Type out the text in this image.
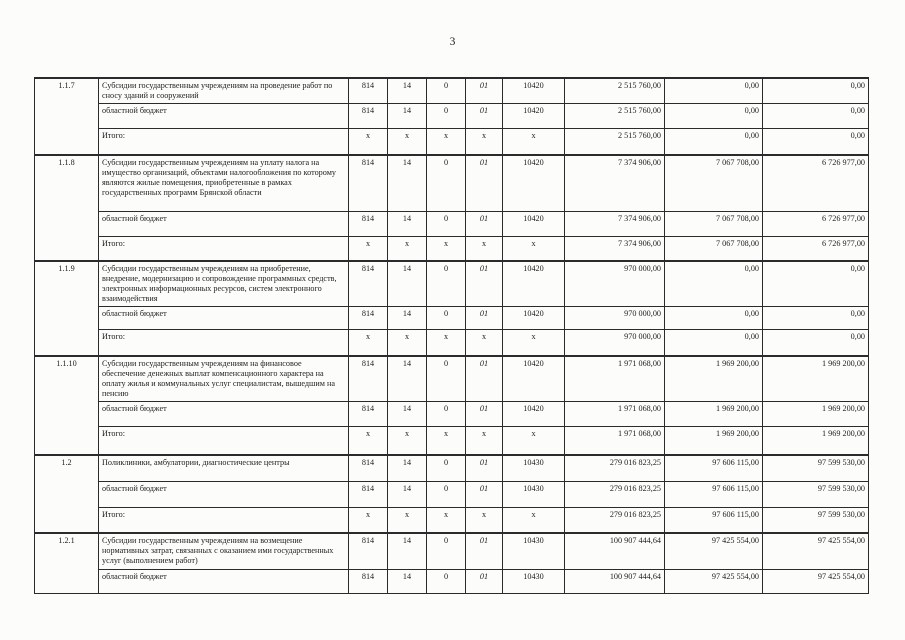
3
1.1.7	Субсидии государственным учреждениям на проведение работ по сносу зданий и сооружений	814	14	0	01	10420	2 515 760,00	0,00	0,00
	областной бюджет	814	14	0	01	10420	2 515 760,00	0,00	0,00
	Итого:	х	х	х	х	х	2 515 760,00	0,00	0,00
1.1.8	Субсидии государственным учреждениям на уплату налога на имущество организаций, объектами налогообложения по которому являются жилые помещения, приобретенные в рамках государственных программ Брянской области	814	14	0	01	10420	7 374 906,00	7 067 708,00	6 726 977,00
	областной бюджет	814	14	0	01	10420	7 374 906,00	7 067 708,00	6 726 977,00
	Итого:	х	х	х	х	х	7 374 906,00	7 067 708,00	6 726 977,00
1.1.9	Субсидии государственным учреждениям на приобретение, внедрение, модернизацию и сопровождение программных средств, электронных информационных ресурсов, систем электронного взаимодействия	814	14	0	01	10420	970 000,00	0,00	0,00
	областной бюджет	814	14	0	01	10420	970 000,00	0,00	0,00
	Итого:	х	х	х	х	х	970 000,00	0,00	0,00
1.1.10	Субсидии государственным учреждениям на финансовое обеспечение денежных выплат компенсационного характера на оплату жилья и коммунальных услуг специалистам, вышедшим на пенсию	814	14	0	01	10420	1 971 068,00	1 969 200,00	1 969 200,00
	областной бюджет	814	14	0	01	10420	1 971 068,00	1 969 200,00	1 969 200,00
	Итого:	х	х	х	х	х	1 971 068,00	1 969 200,00	1 969 200,00
1.2	Поликлиники, амбулатории, диагностические центры	814	14	0	01	10430	279 016 823,25	97 606 115,00	97 599 530,00
	областной бюджет	814	14	0	01	10430	279 016 823,25	97 606 115,00	97 599 530,00
	Итого:	х	х	х	х	х	279 016 823,25	97 606 115,00	97 599 530,00
1.2.1	Субсидии государственным учреждениям на возмещение нормативных затрат, связанных с оказанием ими государственных услуг (выполнением работ)	814	14	0	01	10430	100 907 444,64	97 425 554,00	97 425 554,00
	областной бюджет	814	14	0	01	10430	100 907 444,64	97 425 554,00	97 425 554,00
